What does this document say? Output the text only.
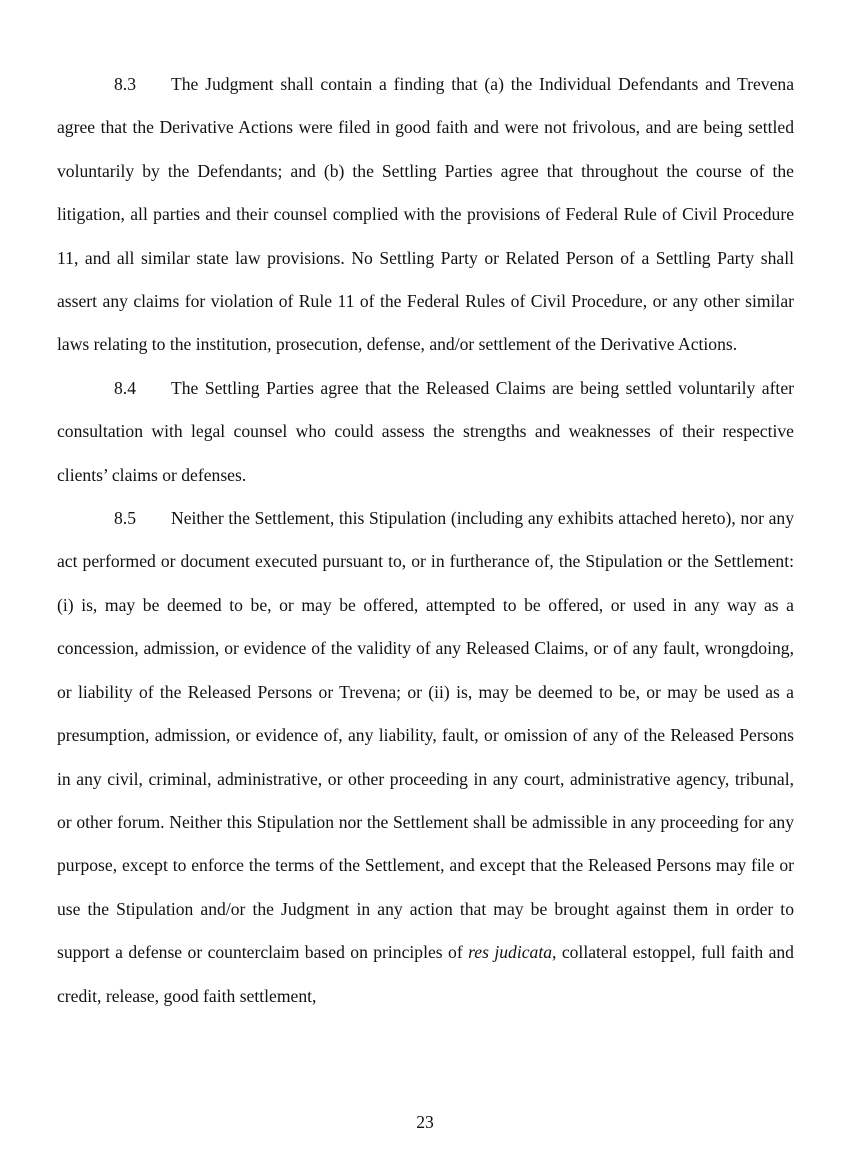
8.3 The Judgment shall contain a finding that (a) the Individual Defendants and Trevena agree that the Derivative Actions were filed in good faith and were not frivolous, and are being settled voluntarily by the Defendants; and (b) the Settling Parties agree that throughout the course of the litigation, all parties and their counsel complied with the provisions of Federal Rule of Civil Procedure 11, and all similar state law provisions. No Settling Party or Related Person of a Settling Party shall assert any claims for violation of Rule 11 of the Federal Rules of Civil Procedure, or any other similar laws relating to the institution, prosecution, defense, and/or settlement of the Derivative Actions.

8.4 The Settling Parties agree that the Released Claims are being settled voluntarily after consultation with legal counsel who could assess the strengths and weaknesses of their respective clients’ claims or defenses.

8.5 Neither the Settlement, this Stipulation (including any exhibits attached hereto), nor any act performed or document executed pursuant to, or in furtherance of, the Stipulation or the Settlement: (i) is, may be deemed to be, or may be offered, attempted to be offered, or used in any way as a concession, admission, or evidence of the validity of any Released Claims, or of any fault, wrongdoing, or liability of the Released Persons or Trevena; or (ii) is, may be deemed to be, or may be used as a presumption, admission, or evidence of, any liability, fault, or omission of any of the Released Persons in any civil, criminal, administrative, or other proceeding in any court, administrative agency, tribunal, or other forum. Neither this Stipulation nor the Settlement shall be admissible in any proceeding for any purpose, except to enforce the terms of the Settlement, and except that the Released Persons may file or use the Stipulation and/or the Judgment in any action that may be brought against them in order to support a defense or counterclaim based on principles of res judicata, collateral estoppel, full faith and credit, release, good faith settlement,

23
